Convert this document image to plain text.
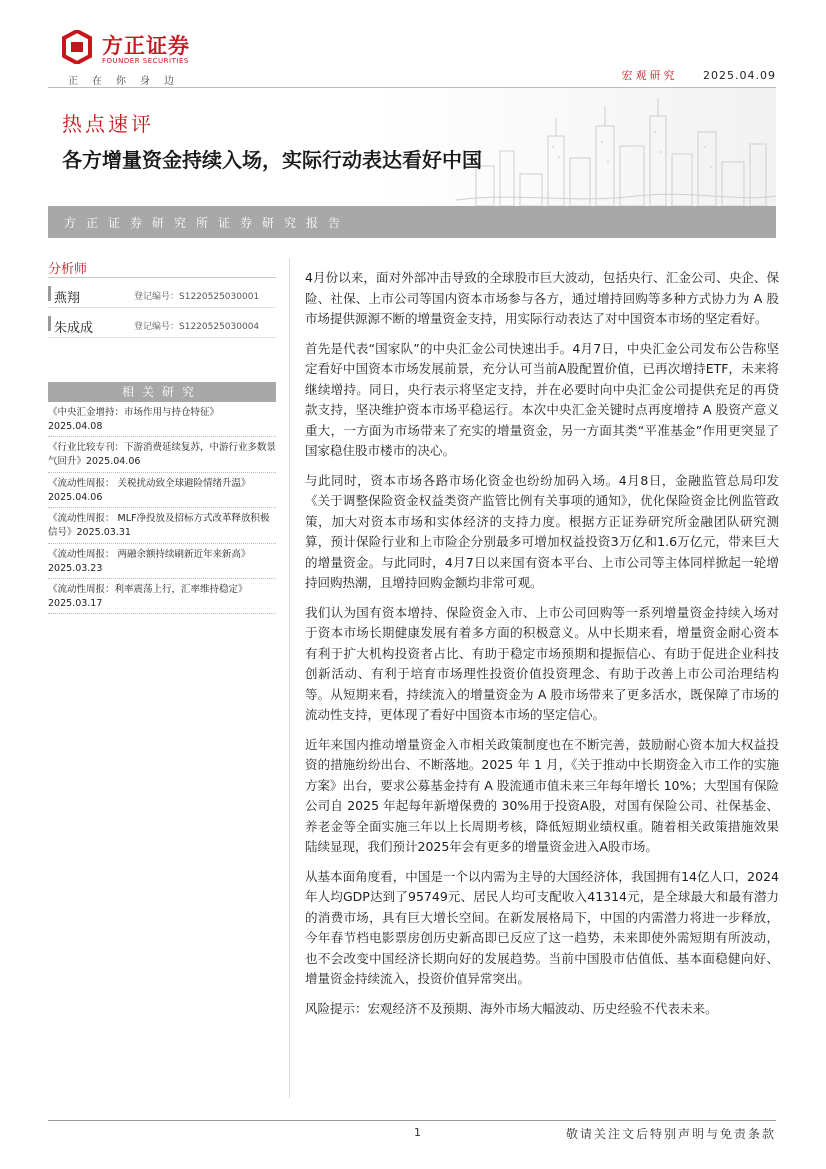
方正证券
FOUNDER SECURITIES
正在你身边	宏观研究 2025.04.09
热点速评
各方增量资金持续入场，实际行动表达看好中国
方正证券研究所证券研究报告
分析师
燕翔	登记编号：S1220525030001
朱成成	登记编号：S1220525030004
相关研究
《中央汇金增持：市场作用与持仓特征》
2025.04.08
《行业比较专刊：下游消费延续复苏，中游行业多数景气回升》2025.04.06
《流动性周报： 关税扰动致全球避险情绪升温》
2025.04.06
《流动性周报： MLF净投放及招标方式改革释放积极信号》2025.03.31
《流动性周报： 两融余额持续刷新近年来新高》
2025.03.23
《流动性周报：利率震荡上行，汇率维持稳定》
2025.03.17

4月份以来，面对外部冲击导致的全球股市巨大波动，包括央行、汇金公司、央企、保险、社保、上市公司等国内资本市场参与各方，通过增持回购等多种方式协力为 A 股市场提供源源不断的增量资金支持，用实际行动表达了对中国资本市场的坚定看好。

首先是代表“国家队”的中央汇金公司快速出手。4月7日，中央汇金公司发布公告称坚定看好中国资本市场发展前景，充分认可当前A股配置价值，已再次增持ETF，未来将继续增持。同日，央行表示将坚定支持，并在必要时向中央汇金公司提供充足的再贷款支持，坚决维护资本市场平稳运行。本次中央汇金关键时点再度增持 A 股资产意义重大，一方面为市场带来了充实的增量资金，另一方面其类“平准基金”作用更突显了国家稳住股市楼市的决心。

与此同时，资本市场各路市场化资金也纷纷加码入场。4月8日，金融监管总局印发《关于调整保险资金权益类资产监管比例有关事项的通知》，优化保险资金比例监管政策，加大对资本市场和实体经济的支持力度。根据方正证券研究所金融团队研究测算，预计保险行业和上市险企分别最多可增加权益投资3万亿和1.6万亿元，带来巨大的增量资金。与此同时，4月7日以来国有资本平台、上市公司等主体同样掀起一轮增持回购热潮，且增持回购金额均非常可观。

我们认为国有资本增持、保险资金入市、上市公司回购等一系列增量资金持续入场对于资本市场长期健康发展有着多方面的积极意义。从中长期来看，增量资金耐心资本有利于扩大机构投资者占比、有助于稳定市场预期和提振信心、有助于促进企业科技创新活动、有利于培育市场理性投资价值投资理念、有助于改善上市公司治理结构等。从短期来看，持续流入的增量资金为 A 股市场带来了更多活水，既保障了市场的流动性支持，更体现了看好中国资本市场的坚定信心。

近年来国内推动增量资金入市相关政策制度也在不断完善，鼓励耐心资本加大权益投资的措施纷纷出台、不断落地。2025 年 1 月，《关于推动中长期资金入市工作的实施方案》出台，要求公募基金持有 A 股流通市值未来三年每年增长 10%；大型国有保险公司自 2025 年起每年新增保费的 30%用于投资A股，对国有保险公司、社保基金、养老金等全面实施三年以上长周期考核，降低短期业绩权重。随着相关政策措施效果陆续显现，我们预计2025年会有更多的增量资金进入A股市场。

从基本面角度看，中国是一个以内需为主导的大国经济体，我国拥有14亿人口，2024年人均GDP达到了95749元、居民人均可支配收入41314元，是全球最大和最有潜力的消费市场，具有巨大增长空间。在新发展格局下，中国的内需潜力将进一步释放，今年春节档电影票房创历史新高即已反应了这一趋势，未来即使外需短期有所波动，也不会改变中国经济长期向好的发展趋势。当前中国股市估值低、基本面稳健向好、增量资金持续流入，投资价值异常突出。

风险提示：宏观经济不及预期、海外市场大幅波动、历史经验不代表未来。

1	敬请关注文后特别声明与免责条款
